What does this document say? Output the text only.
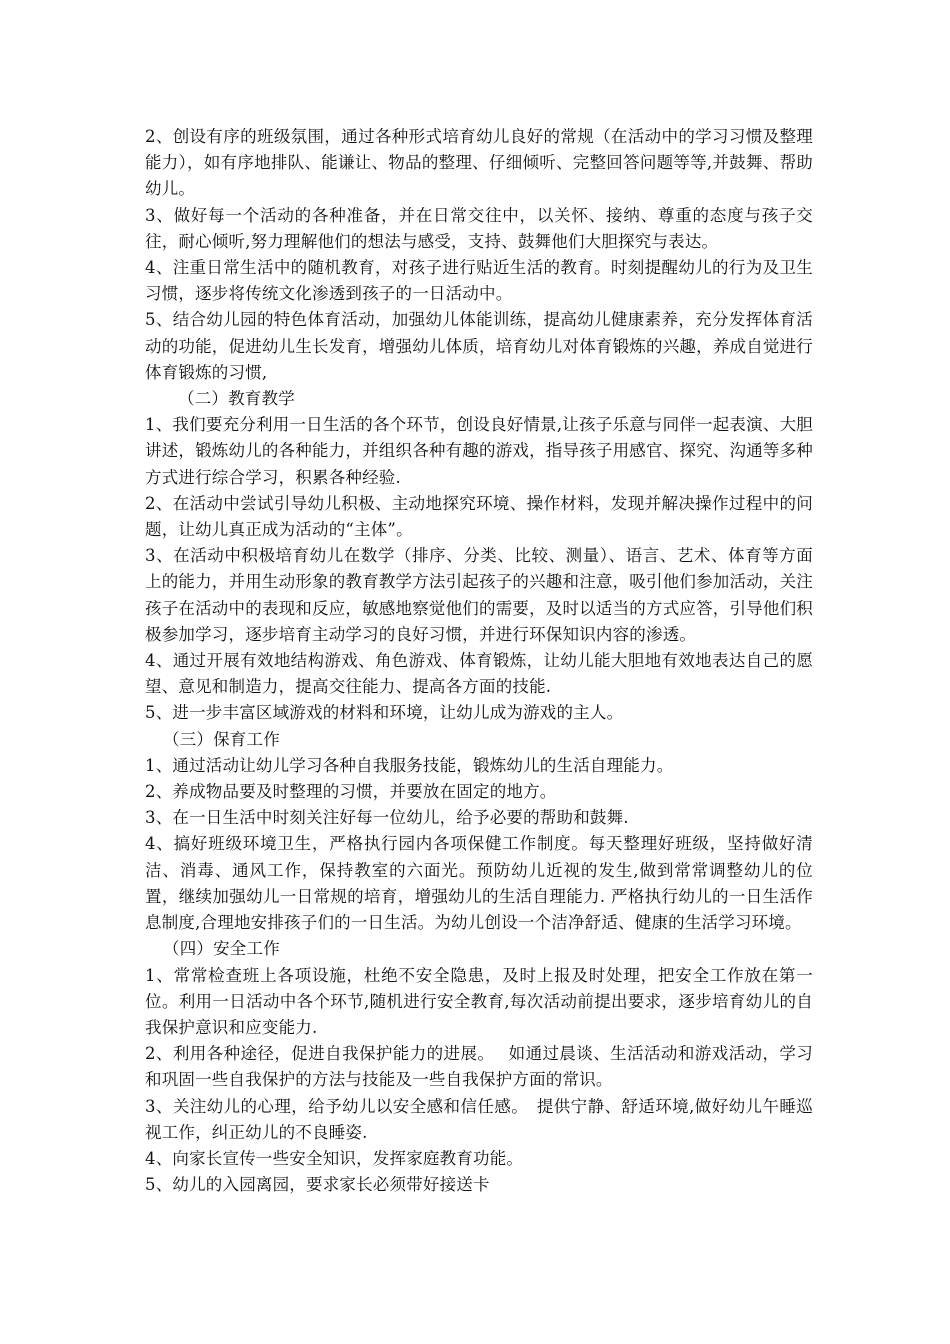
2、创设有序的班级氛围，通过各种形式培育幼儿良好的常规（在活动中的学习习惯及整理能力），如有序地排队、能谦让、物品的整理、仔细倾听、完整回答问题等等,并鼓舞、帮助幼儿。

3、做好每一个活动的各种准备，并在日常交往中，以关怀、接纳、尊重的态度与孩子交往，耐心倾听,努力理解他们的想法与感受，支持、鼓舞他们大胆探究与表达。

4、注重日常生活中的随机教育，对孩子进行贴近生活的教育。时刻提醒幼儿的行为及卫生习惯，逐步将传统文化渗透到孩子的一日活动中。

5、结合幼儿园的特色体育活动，加强幼儿体能训练，提高幼儿健康素养，充分发挥体育活动的功能，促进幼儿生长发育，增强幼儿体质，培育幼儿对体育锻炼的兴趣，养成自觉进行体育锻炼的习惯,

（二）教育教学

1、我们要充分利用一日生活的各个环节，创设良好情景,让孩子乐意与同伴一起表演、大胆讲述，锻炼幼儿的各种能力，并组织各种有趣的游戏，指导孩子用感官、探究、沟通等多种方式进行综合学习，积累各种经验.

2、在活动中尝试引导幼儿积极、主动地探究环境、操作材料，发现并解决操作过程中的问题，让幼儿真正成为活动的“主体”。

3、在活动中积极培育幼儿在数学（排序、分类、比较、测量）、语言、艺术、体育等方面上的能力，并用生动形象的教育教学方法引起孩子的兴趣和注意，吸引他们参加活动，关注孩子在活动中的表现和反应，敏感地察觉他们的需要，及时以适当的方式应答，引导他们积极参加学习，逐步培育主动学习的良好习惯，并进行环保知识内容的渗透。

4、通过开展有效地结构游戏、角色游戏、体育锻炼，让幼儿能大胆地有效地表达自己的愿望、意见和制造力，提高交往能力、提高各方面的技能.

5、进一步丰富区域游戏的材料和环境，让幼儿成为游戏的主人。

（三）保育工作

1、通过活动让幼儿学习各种自我服务技能，锻炼幼儿的生活自理能力。

2、养成物品要及时整理的习惯，并要放在固定的地方。

3、在一日生活中时刻关注好每一位幼儿，给予必要的帮助和鼓舞.

4、搞好班级环境卫生，严格执行园内各项保健工作制度。每天整理好班级，坚持做好清洁、消毒、通风工作，保持教室的六面光。预防幼儿近视的发生,做到常常调整幼儿的位置，继续加强幼儿一日常规的培育，增强幼儿的生活自理能力. 严格执行幼儿的一日生活作息制度,合理地安排孩子们的一日生活。为幼儿创设一个洁净舒适、健康的生活学习环境。

（四）安全工作

1、常常检查班上各项设施，杜绝不安全隐患，及时上报及时处理，把安全工作放在第一位。利用一日活动中各个环节,随机进行安全教育,每次活动前提出要求，逐步培育幼儿的自我保护意识和应变能力.

2、利用各种途径，促进自我保护能力的进展。　 如通过晨谈、生活活动和游戏活动，学习和巩固一些自我保护的方法与技能及一些自我保护方面的常识。

3、关注幼儿的心理，给予幼儿以安全感和信任感。　提供宁静、舒适环境,做好幼儿午睡巡视工作，纠正幼儿的不良睡姿.

4、向家长宣传一些安全知识，发挥家庭教育功能。

5、幼儿的入园离园，要求家长必须带好接送卡
